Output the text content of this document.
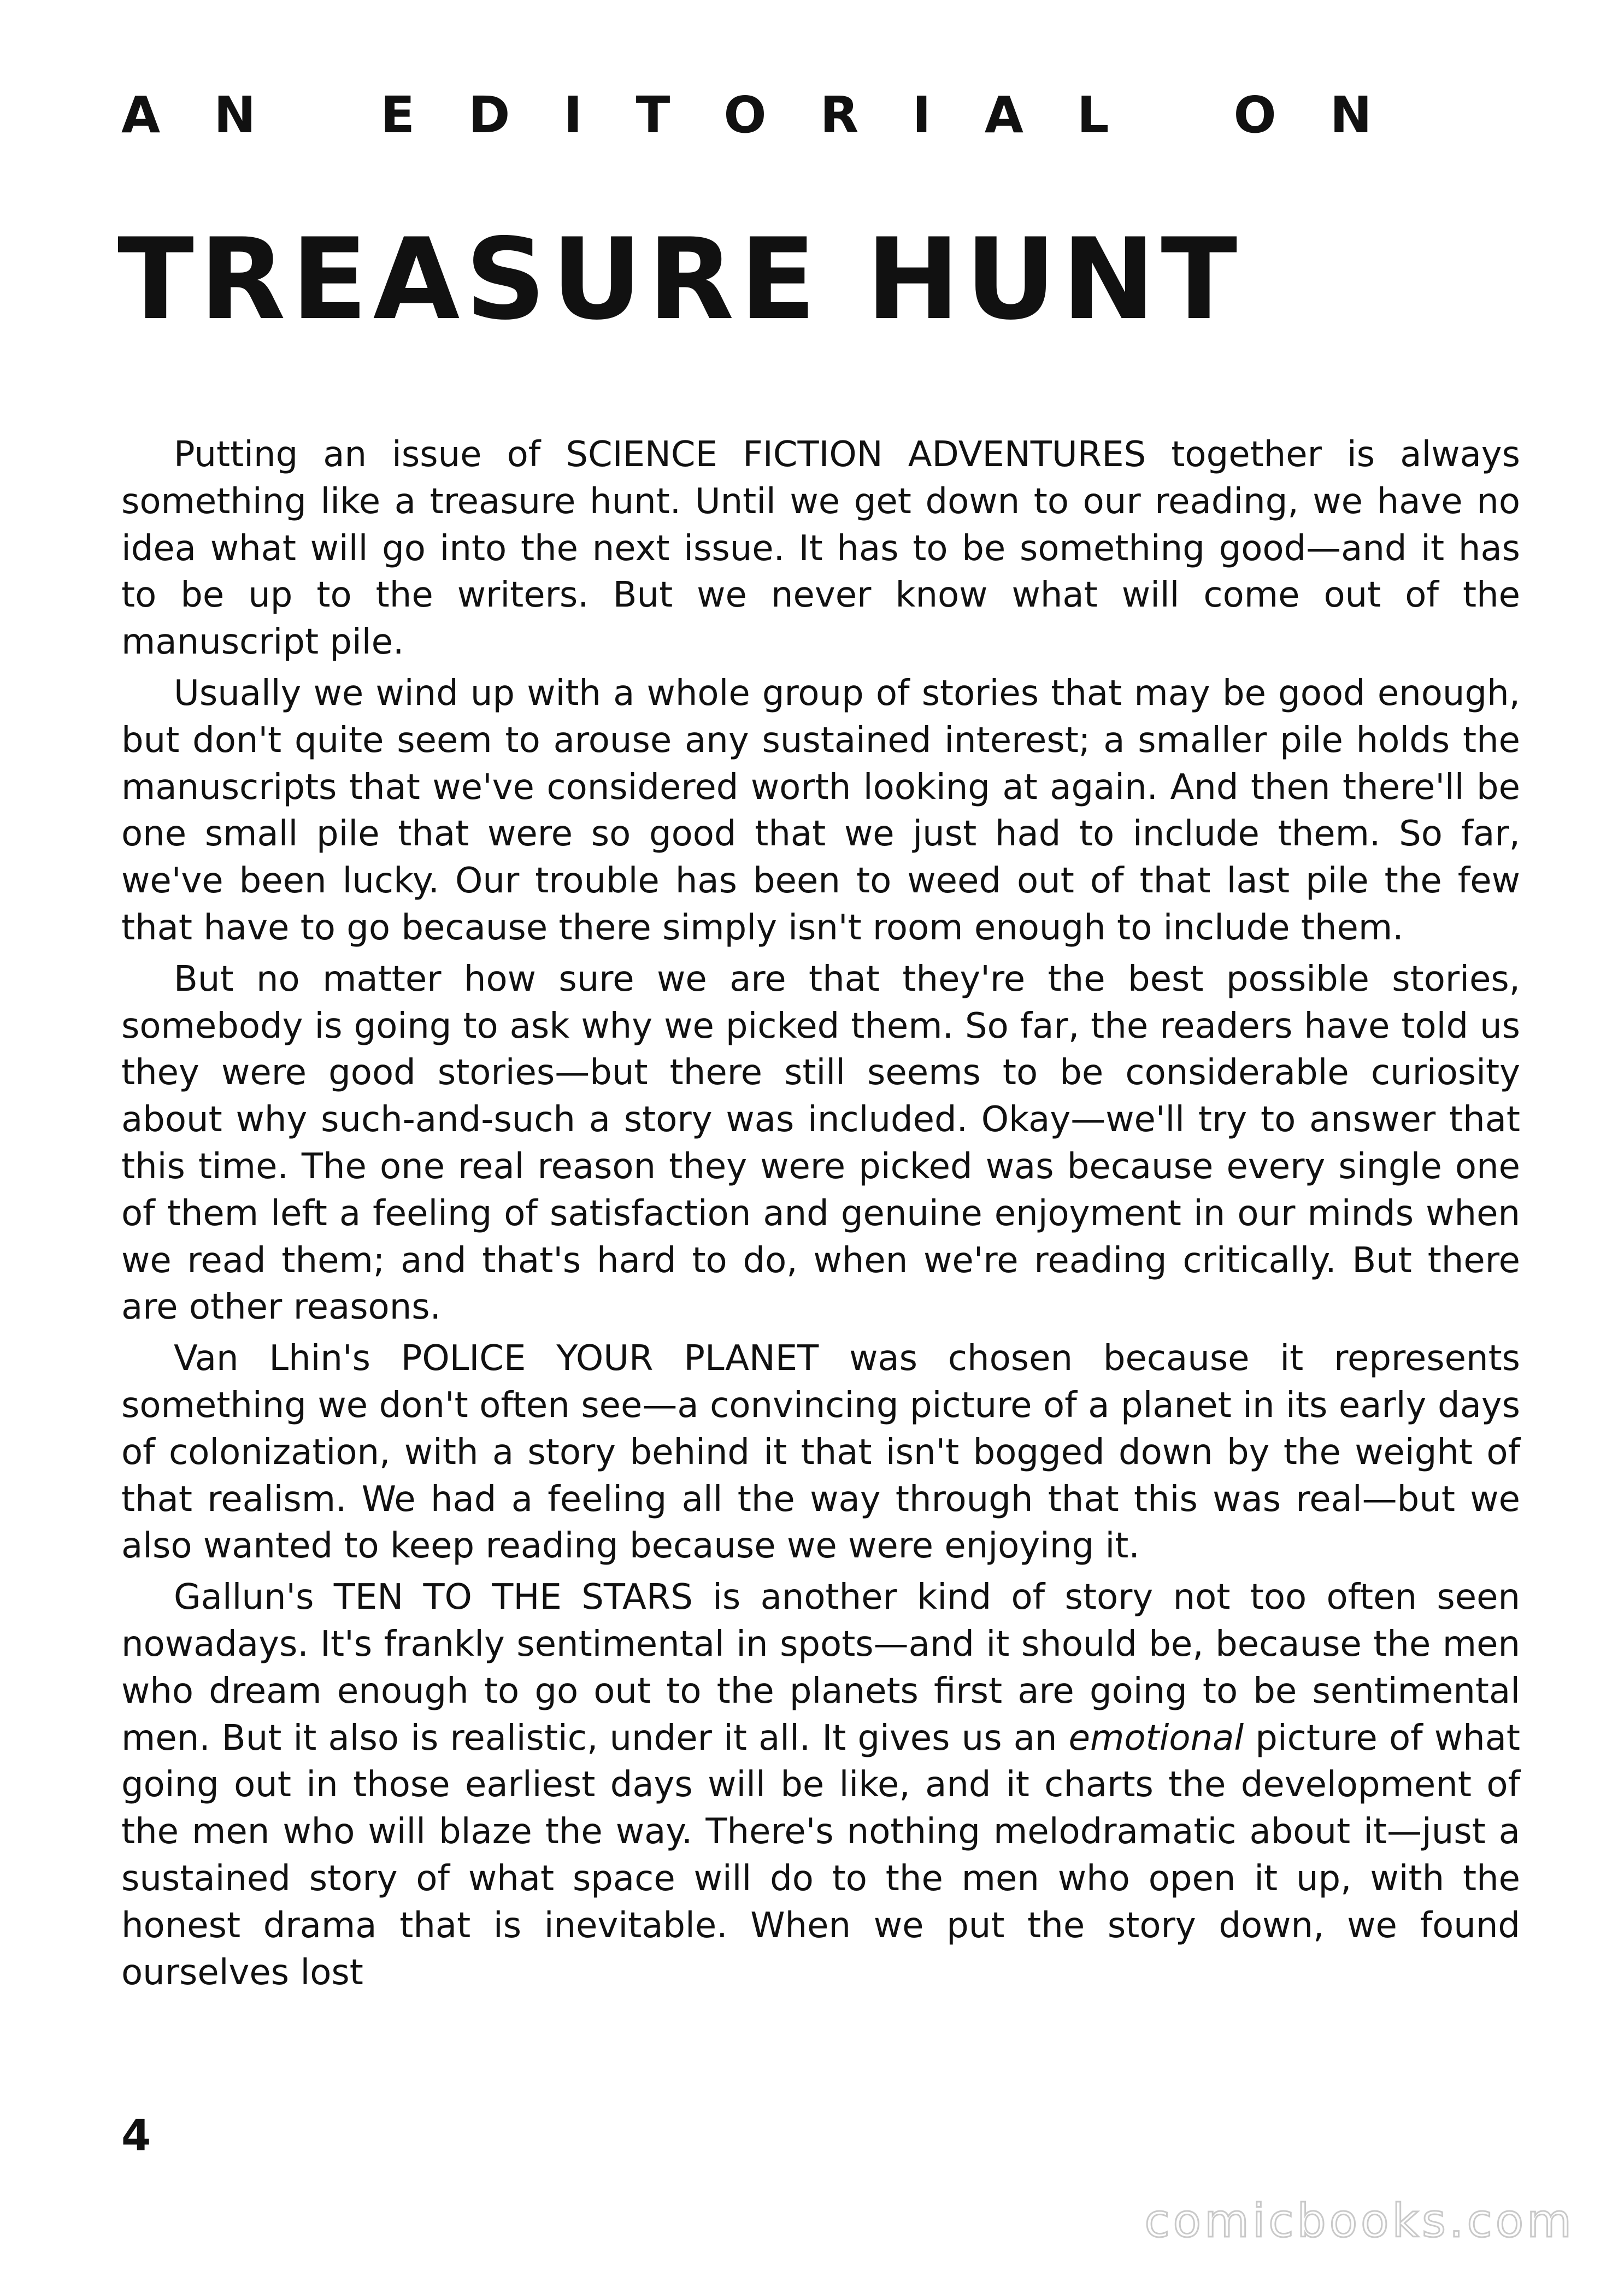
AN EDITORIAL ON
TREASURE HUNT

Putting an issue of SCIENCE FICTION ADVENTURES together is always something like a treasure hunt. Until we get down to our reading, we have no idea what will go into the next issue. It has to be something good—and it has to be up to the writers. But we never know what will come out of the manuscript pile.

Usually we wind up with a whole group of stories that may be good enough, but don't quite seem to arouse any sustained interest; a smaller pile holds the manuscripts that we've considered worth looking at again. And then there'll be one small pile that were so good that we just had to include them. So far, we've been lucky. Our trouble has been to weed out of that last pile the few that have to go because there simply isn't room enough to include them.

But no matter how sure we are that they're the best possible stories, somebody is going to ask why we picked them. So far, the readers have told us they were good stories—but there still seems to be considerable curiosity about why such-and-such a story was included. Okay—we'll try to answer that this time. The one real reason they were picked was because every single one of them left a feeling of satisfaction and genuine enjoyment in our minds when we read them; and that's hard to do, when we're reading critically. But there are other reasons.

Van Lhin's POLICE YOUR PLANET was chosen because it represents something we don't often see—a convincing picture of a planet in its early days of colonization, with a story behind it that isn't bogged down by the weight of that realism. We had a feeling all the way through that this was real—but we also wanted to keep reading because we were enjoying it.

Gallun's TEN TO THE STARS is another kind of story not too often seen nowadays. It's frankly sentimental in spots—and it should be, because the men who dream enough to go out to the planets first are going to be sentimental men. But it also is realistic, under it all. It gives us an emotional picture of what going out in those earliest days will be like, and it charts the development of the men who will blaze the way. There's nothing melodramatic about it—just a sustained story of what space will do to the men who open it up, with the honest drama that is inevitable. When we put the story down, we found ourselves lost

4
comicbooks.com
